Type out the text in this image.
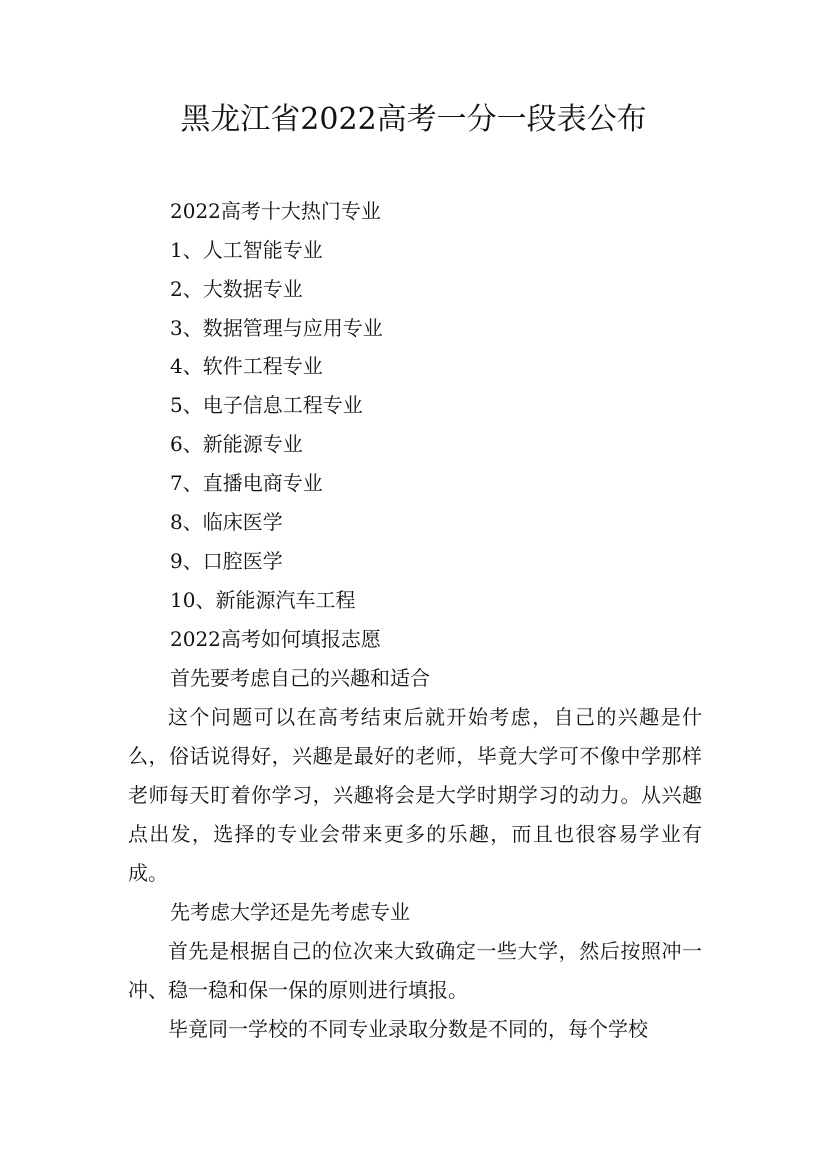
黑龙江省2022高考一分一段表公布
2022高考十大热门专业
1、人工智能专业
2、大数据专业
3、数据管理与应用专业
4、软件工程专业
5、电子信息工程专业
6、新能源专业
7、直播电商专业
8、临床医学
9、口腔医学
10、新能源汽车工程
2022高考如何填报志愿
首先要考虑自己的兴趣和适合
这个问题可以在高考结束后就开始考虑，自己的兴趣是什么，俗话说得好，兴趣是最好的老师，毕竟大学可不像中学那样老师每天盯着你学习，兴趣将会是大学时期学习的动力。从兴趣点出发，选择的专业会带来更多的乐趣，而且也很容易学业有成。
先考虑大学还是先考虑专业
首先是根据自己的位次来大致确定一些大学，然后按照冲一冲、稳一稳和保一保的原则进行填报。
毕竟同一学校的不同专业录取分数是不同的，每个学校
